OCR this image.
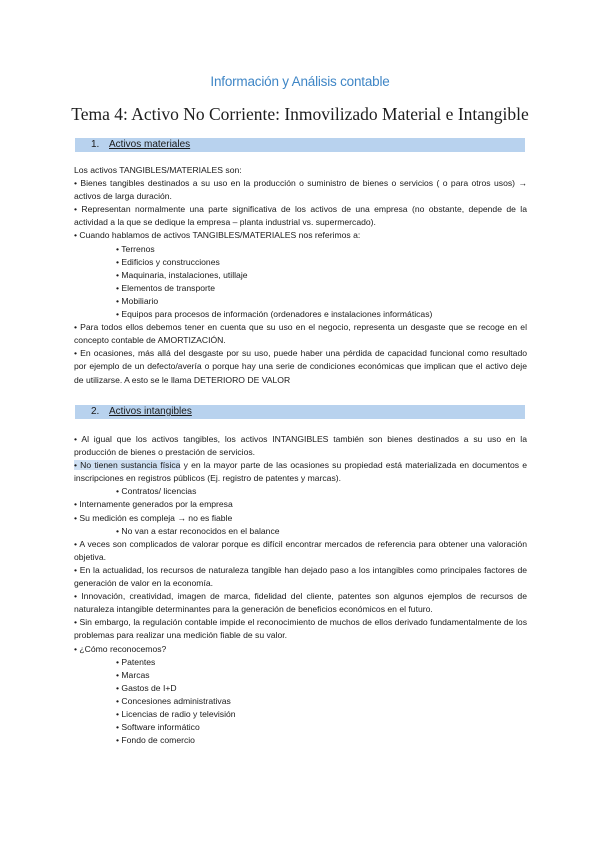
Información y Análisis contable
Tema 4: Activo No Corriente: Inmovilizado Material e Intangible
1. Activos materiales

Los activos TANGIBLES/MATERIALES son:

• Bienes tangibles destinados a su uso en la producción o suministro de bienes o servicios ( o para otros usos) → activos de larga duración.

• Representan normalmente una parte significativa de los activos de una empresa (no obstante, depende de la actividad a la que se dedique la empresa – planta industrial vs. supermercado).

• Cuando hablamos de activos TANGIBLES/MATERIALES nos referimos a:

• Terrenos

• Edificios y construcciones

• Maquinaria, instalaciones, utillaje

• Elementos de transporte

• Mobiliario

• Equipos para procesos de información (ordenadores e instalaciones informáticas)

• Para todos ellos debemos tener en cuenta que su uso en el negocio, representa un desgaste que se recoge en el concepto contable de AMORTIZACIÓN.

• En ocasiones, más allá del desgaste por su uso, puede haber una pérdida de capacidad funcional como resultado por ejemplo de un defecto/avería o porque hay una serie de condiciones económicas que implican que el activo deje de utilizarse. A esto se le llama DETERIORO DE VALOR

2. Activos intangibles

• Al igual que los activos tangibles, los activos INTANGIBLES también son bienes destinados a su uso en la producción de bienes o prestación de servicios.

• No tienen sustancia física y en la mayor parte de las ocasiones su propiedad está materializada en documentos e inscripciones en registros públicos (Ej. registro de patentes y marcas).

• Contratos/ licencias

• Internamente generados por la empresa

• Su medición es compleja → no es fiable

• No van a estar reconocidos en el balance

• A veces son complicados de valorar porque es difícil encontrar mercados de referencia para obtener una valoración objetiva.

• En la actualidad, los recursos de naturaleza tangible han dejado paso a los intangibles como principales factores de generación de valor en la economía.

• Innovación, creatividad, imagen de marca, fidelidad del cliente, patentes son algunos ejemplos de recursos de naturaleza intangible determinantes para la generación de beneficios económicos en el futuro.

• Sin embargo, la regulación contable impide el reconocimiento de muchos de ellos derivado fundamentalmente de los problemas para realizar una medición fiable de su valor.

• ¿Cómo reconocemos?

• Patentes

• Marcas

• Gastos de I+D

• Concesiones administrativas

• Licencias de radio y televisión

• Software informático

• Fondo de comercio
